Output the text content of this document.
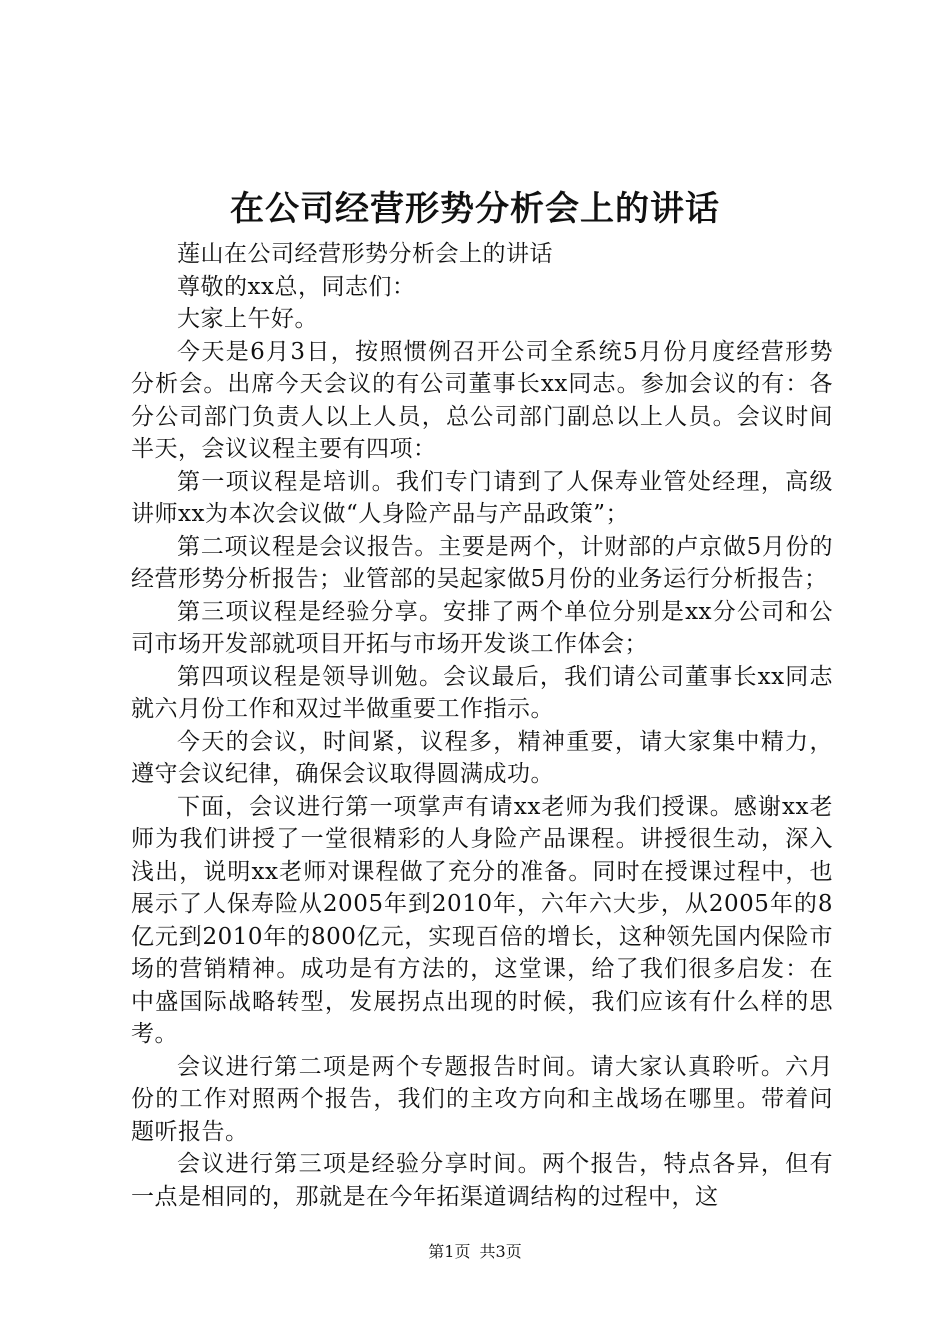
在公司经营形势分析会上的讲话

莲山在公司经营形势分析会上的讲话

尊敬的xx总，同志们：

大家上午好。

今天是6月3日，按照惯例召开公司全系统5月份月度经营形势分析会。出席今天会议的有公司董事长xx同志。参加会议的有：各分公司部门负责人以上人员，总公司部门副总以上人员。会议时间半天，会议议程主要有四项：

第一项议程是培训。我们专门请到了人保寿业管处经理，高级讲师xx为本次会议做“人身险产品与产品政策”；

第二项议程是会议报告。主要是两个，计财部的卢京做5月份的经营形势分析报告；业管部的吴起家做5月份的业务运行分析报告；

第三项议程是经验分享。安排了两个单位分别是xx分公司和公司市场开发部就项目开拓与市场开发谈工作体会；

第四项议程是领导训勉。会议最后，我们请公司董事长xx同志就六月份工作和双过半做重要工作指示。

今天的会议，时间紧，议程多，精神重要，请大家集中精力，遵守会议纪律，确保会议取得圆满成功。

下面，会议进行第一项掌声有请xx老师为我们授课。感谢xx老师为我们讲授了一堂很精彩的人身险产品课程。讲授很生动，深入浅出，说明xx老师对课程做了充分的准备。同时在授课过程中，也展示了人保寿险从2005年到2010年，六年六大步，从2005年的8亿元到2010年的800亿元，实现百倍的增长，这种领先国内保险市场的营销精神。成功是有方法的，这堂课，给了我们很多启发：在中盛国际战略转型，发展拐点出现的时候，我们应该有什么样的思考。

会议进行第二项是两个专题报告时间。请大家认真聆听。六月份的工作对照两个报告，我们的主攻方向和主战场在哪里。带着问题听报告。

会议进行第三项是经验分享时间。两个报告，特点各异，但有一点是相同的，那就是在今年拓渠道调结构的过程中，这

第1页 共3页
